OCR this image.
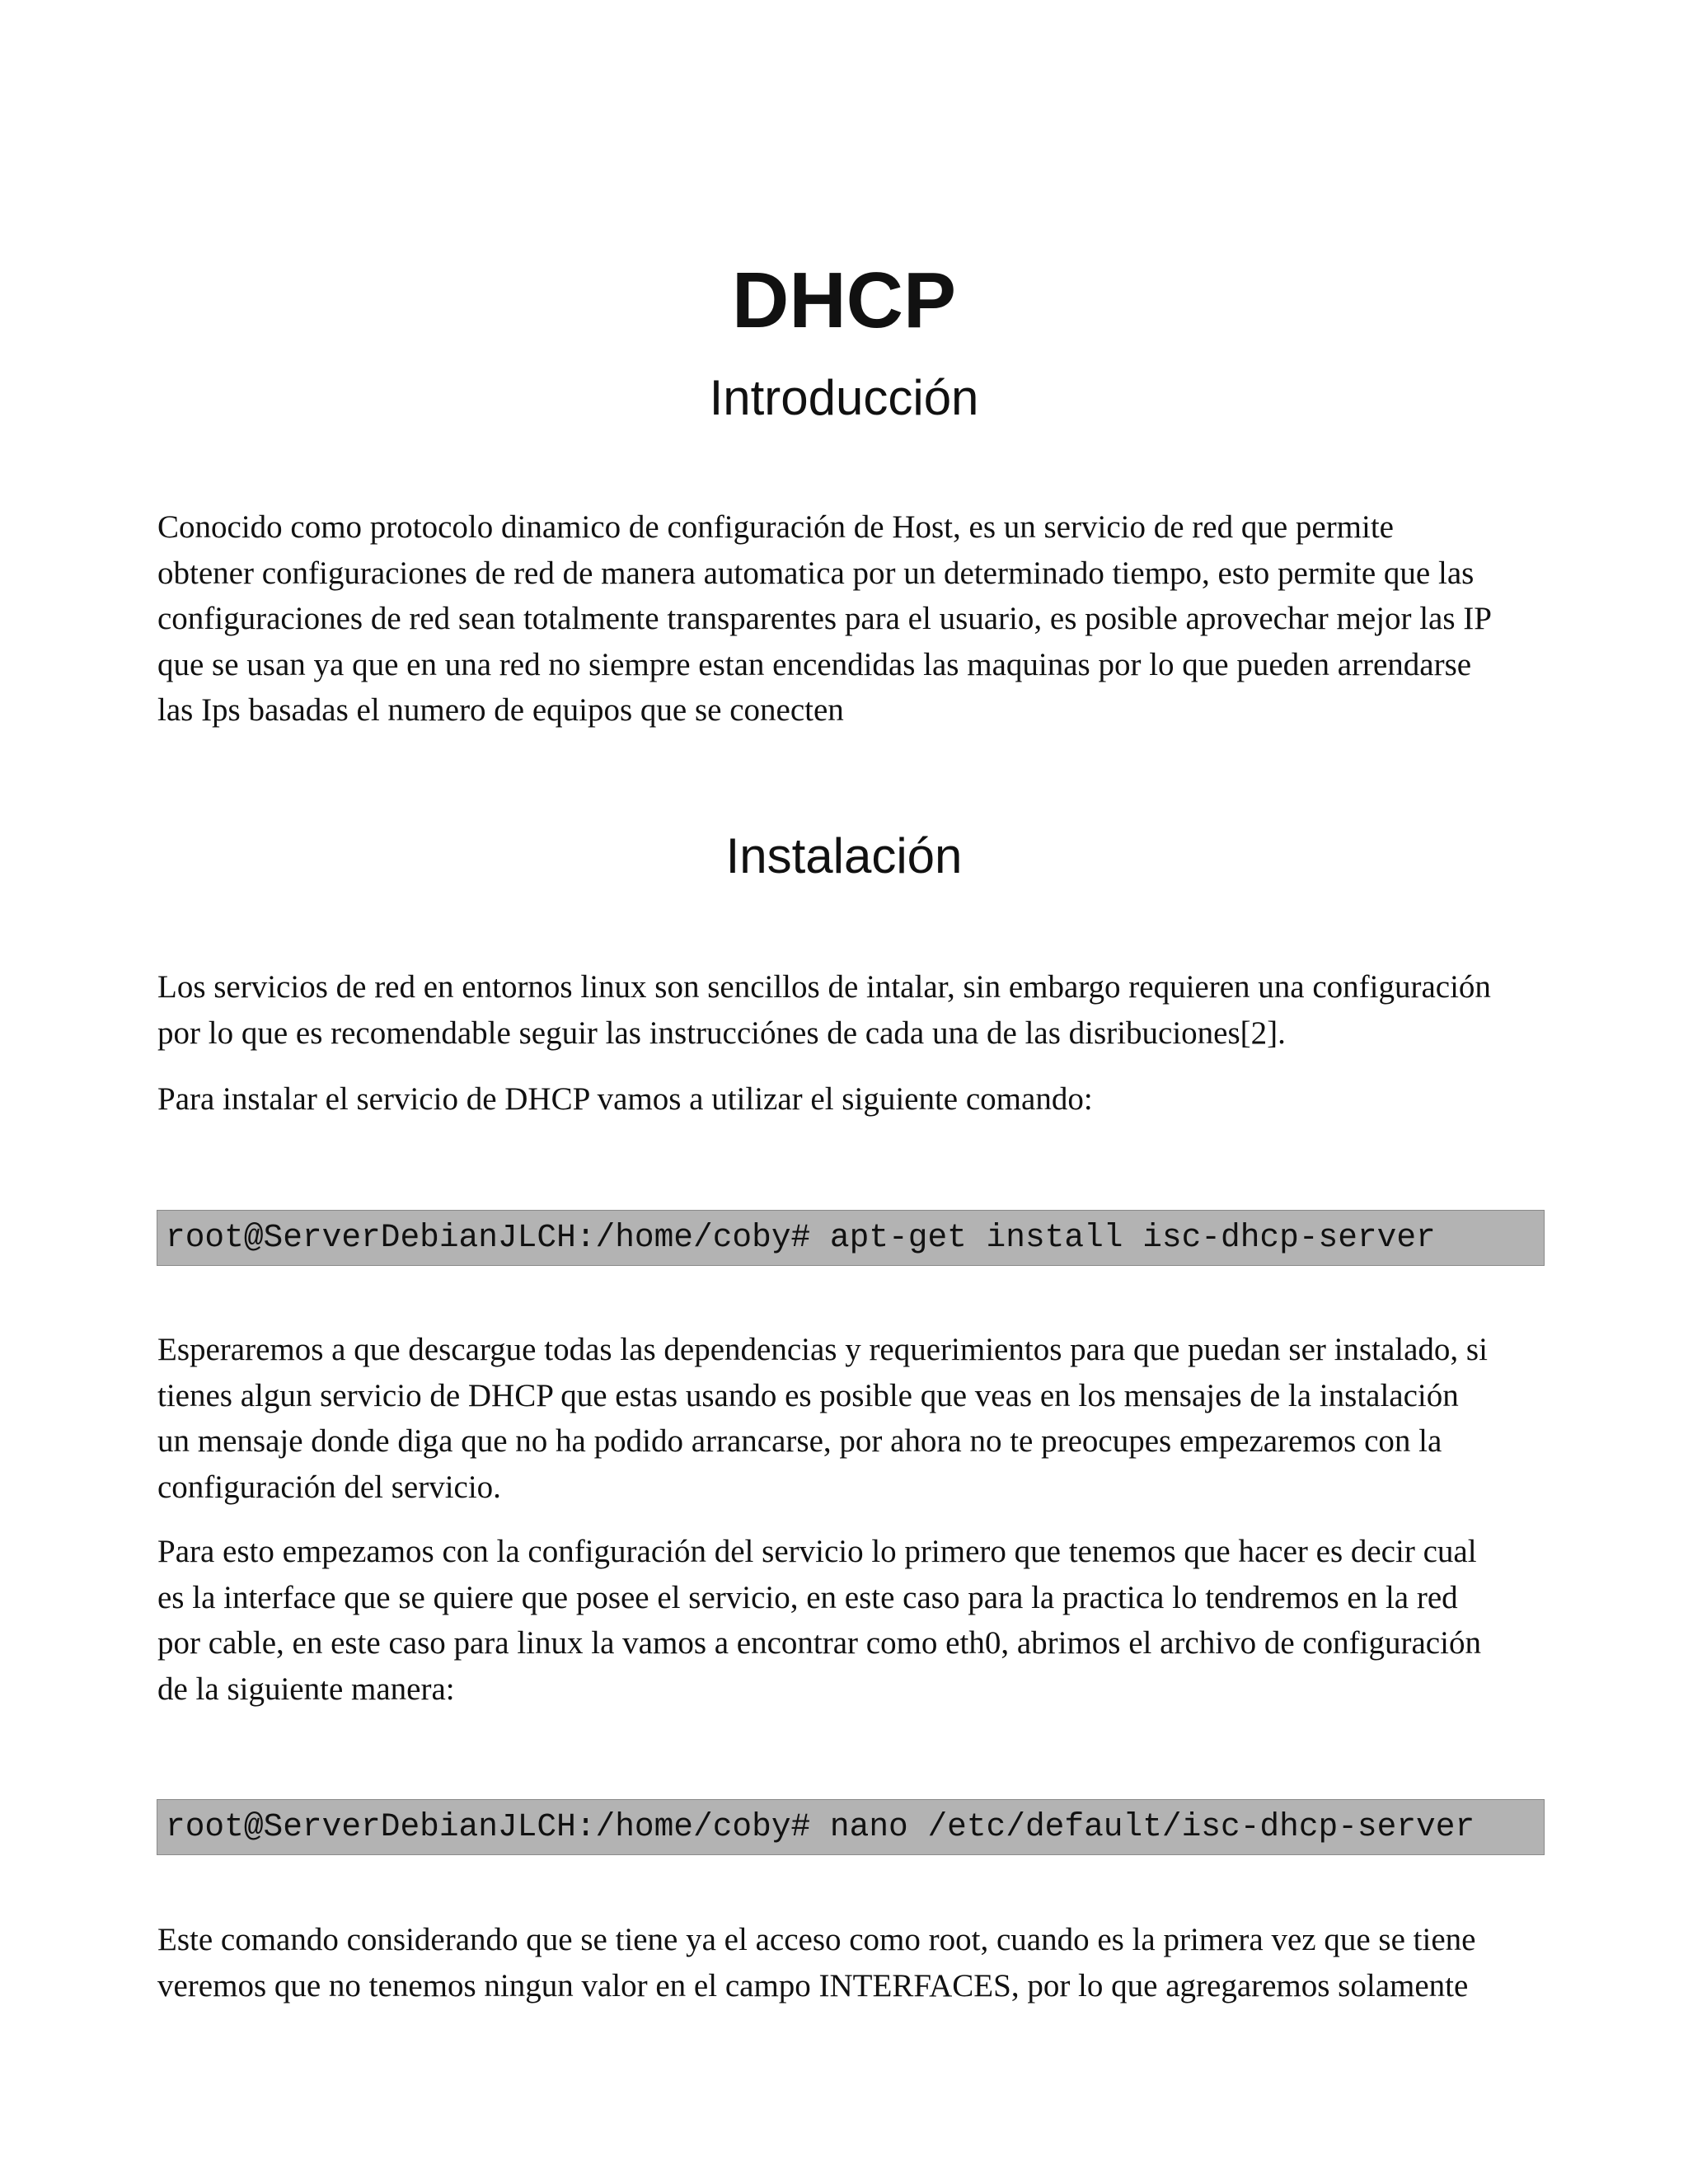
DHCP
Introducción

Conocido como protocolo dinamico de configuración de Host, es un servicio de red que permite
obtener configuraciones de red de manera automatica por un determinado tiempo, esto permite que las
configuraciones de red sean totalmente transparentes para el usuario, es posible aprovechar mejor las IP
que se usan ya que en una red no siempre estan encendidas las maquinas por lo que pueden arrendarse
las Ips basadas el numero de equipos que se conecten

Instalación

Los servicios de red en entornos linux son sencillos de intalar, sin embargo requieren una configuración
por lo que es recomendable seguir las instrucciónes de cada una de las disribuciones[2].

Para instalar el servicio de DHCP vamos a utilizar el siguiente comando:

root@ServerDebianJLCH:/home/coby# apt-get install isc-dhcp-server

Esperaremos a que descargue todas las dependencias y requerimientos para que puedan ser instalado, si
tienes algun servicio de DHCP que estas usando es posible que veas en los mensajes de la instalación
un mensaje donde diga que no ha podido arrancarse, por ahora no te preocupes empezaremos con la
configuración del servicio.

Para esto empezamos con la configuración del servicio lo primero que tenemos que hacer es decir cual
es la interface que se quiere que posee el servicio, en este caso para la practica lo tendremos en la red
por cable, en este caso para linux la vamos a encontrar como eth0, abrimos el archivo de configuración
de la siguiente manera:

root@ServerDebianJLCH:/home/coby# nano /etc/default/isc-dhcp-server

Este comando considerando que se tiene ya el acceso como root, cuando es la primera vez que se tiene
veremos que no tenemos ningun valor en el campo INTERFACES, por lo que agregaremos solamente
